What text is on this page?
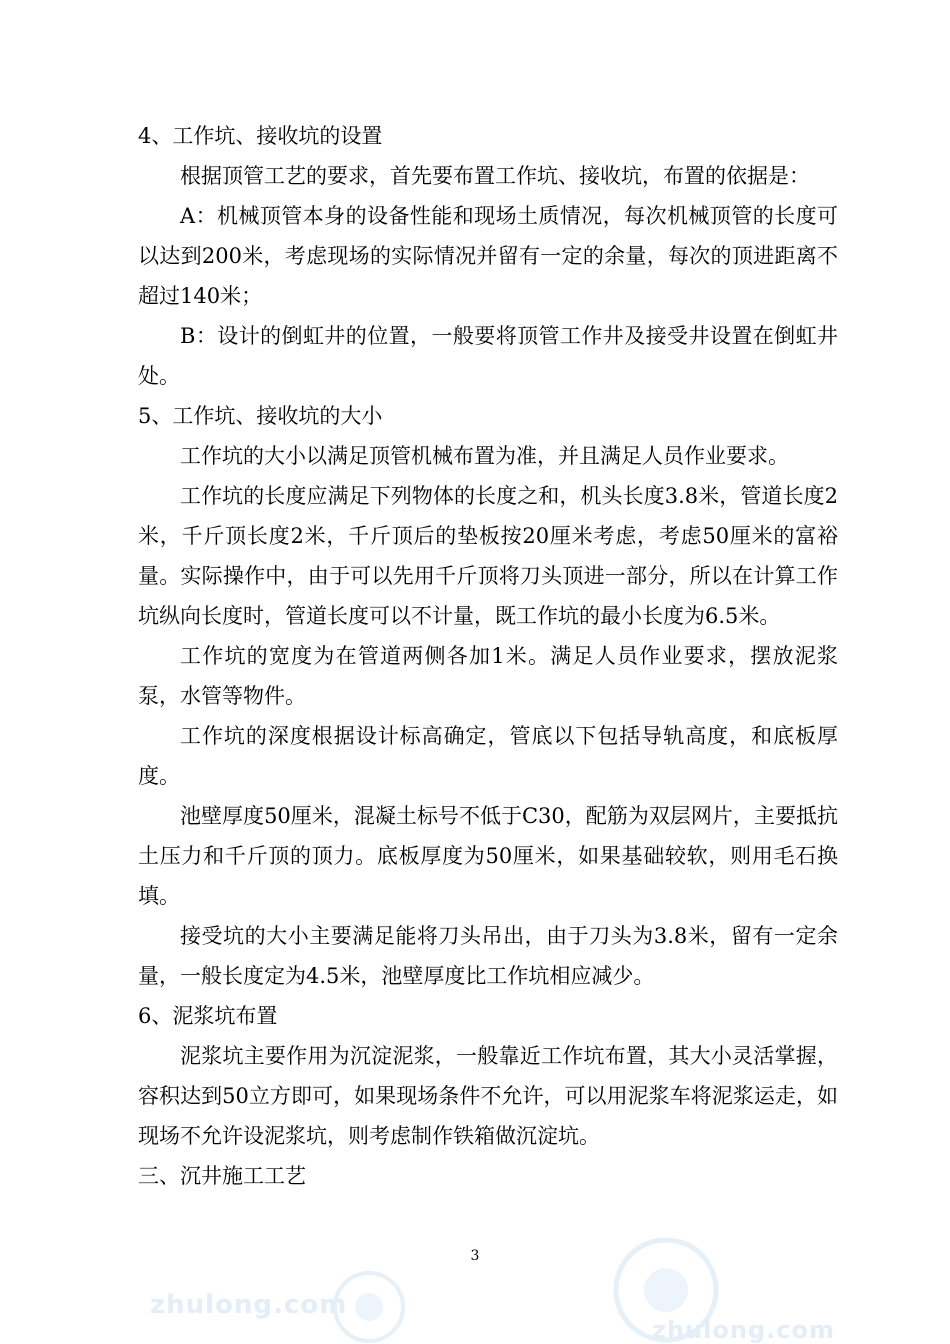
4、工作坑、接收坑的设置

根据顶管工艺的要求，首先要布置工作坑、接收坑，布置的依据是：

A：机械顶管本身的设备性能和现场土质情况，每次机械顶管的长度可以达到200米，考虑现场的实际情况并留有一定的余量，每次的顶进距离不超过140米；

B：设计的倒虹井的位置，一般要将顶管工作井及接受井设置在倒虹井处。

5、工作坑、接收坑的大小

工作坑的大小以满足顶管机械布置为准，并且满足人员作业要求。

工作坑的长度应满足下列物体的长度之和，机头长度3.8米，管道长度2米，千斤顶长度2米，千斤顶后的垫板按20厘米考虑，考虑50厘米的富裕量。实际操作中，由于可以先用千斤顶将刀头顶进一部分，所以在计算工作坑纵向长度时，管道长度可以不计量，既工作坑的最小长度为6.5米。

工作坑的宽度为在管道两侧各加1米。满足人员作业要求，摆放泥浆泵，水管等物件。

工作坑的深度根据设计标高确定，管底以下包括导轨高度，和底板厚度。

池壁厚度50厘米，混凝土标号不低于C30，配筋为双层网片，主要抵抗土压力和千斤顶的顶力。底板厚度为50厘米，如果基础较软，则用毛石换填。

接受坑的大小主要满足能将刀头吊出，由于刀头为3.8米，留有一定余量，一般长度定为4.5米，池壁厚度比工作坑相应减少。

6、泥浆坑布置

泥浆坑主要作用为沉淀泥浆，一般靠近工作坑布置，其大小灵活掌握，容积达到50立方即可，如果现场条件不允许，可以用泥浆车将泥浆运走，如现场不允许设泥浆坑，则考虑制作铁箱做沉淀坑。

三、沉井施工工艺

3
zhulong.com
zhulong.com
